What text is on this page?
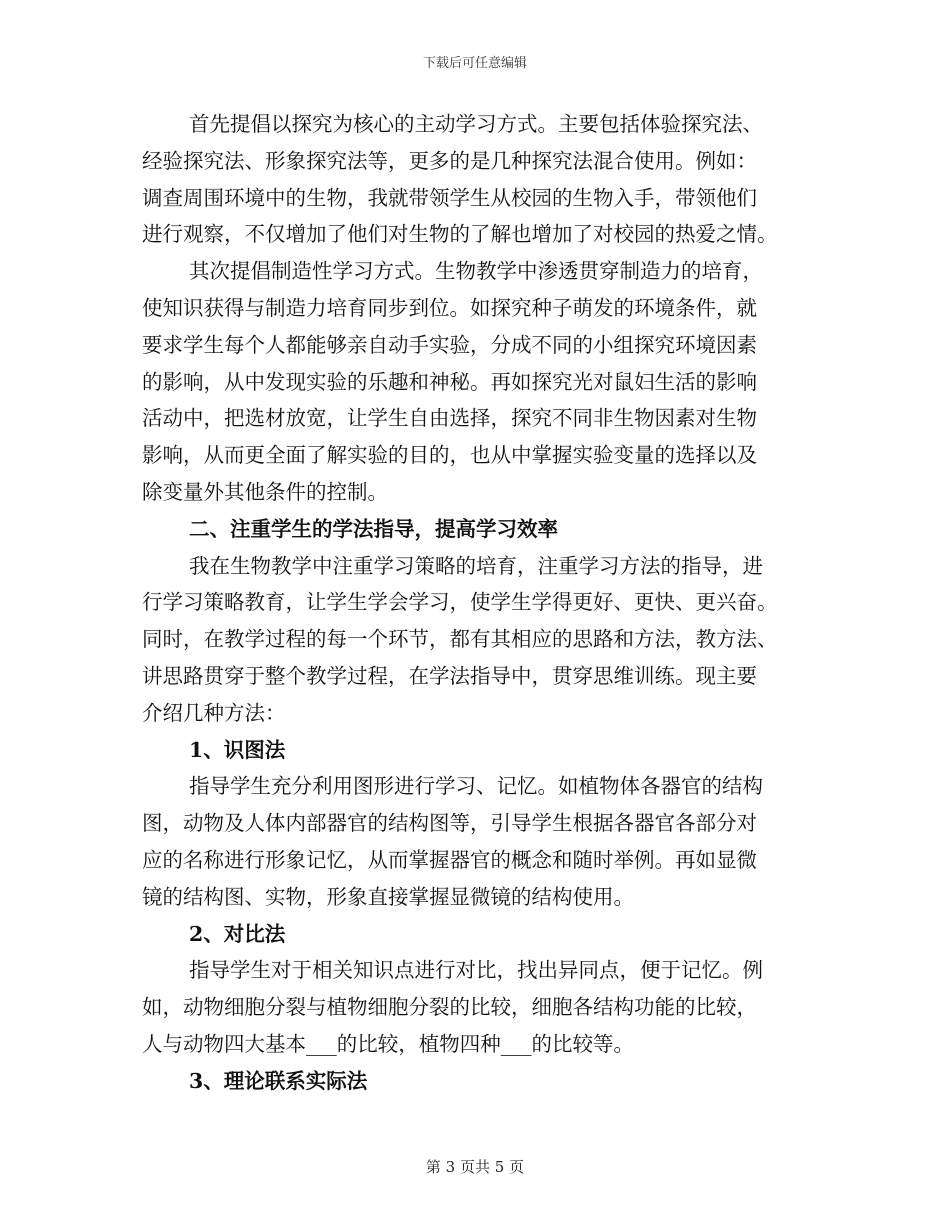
下载后可任意编辑
首先提倡以探究为核心的主动学习方式。主要包括体验探究法、
经验探究法、形象探究法等，更多的是几种探究法混合使用。例如：
调查周围环境中的生物，我就带领学生从校园的生物入手，带领他们
进行观察，不仅增加了他们对生物的了解也增加了对校园的热爱之情。
其次提倡制造性学习方式。生物教学中渗透贯穿制造力的培育，
使知识获得与制造力培育同步到位。如探究种子萌发的环境条件，就
要求学生每个人都能够亲自动手实验，分成不同的小组探究环境因素
的影响，从中发现实验的乐趣和神秘。再如探究光对鼠妇生活的影响
活动中，把选材放宽，让学生自由选择，探究不同非生物因素对生物
影响，从而更全面了解实验的目的，也从中掌握实验变量的选择以及
除变量外其他条件的控制。
二、注重学生的学法指导，提高学习效率
我在生物教学中注重学习策略的培育，注重学习方法的指导，进
行学习策略教育，让学生学会学习，使学生学得更好、更快、更兴奋。
同时，在教学过程的每一个环节，都有其相应的思路和方法，教方法、
讲思路贯穿于整个教学过程，在学法指导中，贯穿思维训练。现主要
介绍几种方法：
1、识图法
指导学生充分利用图形进行学习、记忆。如植物体各器官的结构
图，动物及人体内部器官的结构图等，引导学生根据各器官各部分对
应的名称进行形象记忆，从而掌握器官的概念和随时举例。再如显微
镜的结构图、实物，形象直接掌握显微镜的结构使用。
2、对比法
指导学生对于相关知识点进行对比，找出异同点，便于记忆。例
如，动物细胞分裂与植物细胞分裂的比较，细胞各结构功能的比较，
人与动物四大基本___的比较，植物四种___的比较等。
3、理论联系实际法
第 3 页共 5 页
